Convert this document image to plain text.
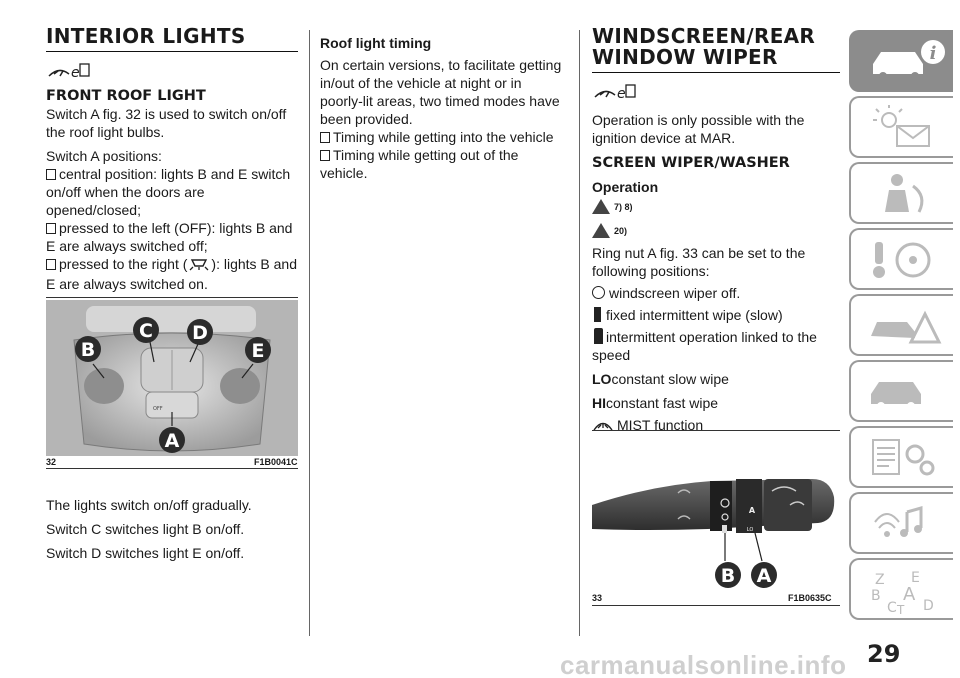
INTERIOR LIGHTS
e
FRONT ROOF LIGHT

Switch A fig. 32 is used to switch on/off the roof light bulbs.

Switch A positions:

central position: lights B and E switch on/off when the doors are opened/closed;
pressed to the left (OFF): lights B and E are always switched off;
pressed to the right ( ): lights B and E are always switched on.
OFF
B
C D
E
A
32	F1B0041C

The lights switch on/off gradually.

Switch C switches light B on/off.

Switch D switches light E on/off.

Roof light timing

On certain versions, to facilitate getting in/out of the vehicle at night or in poorly-lit areas, two timed modes have been provided.

Timing while getting into the vehicle
Timing while getting out of the vehicle.
WINDSCREEN/REAR WINDOW WIPER
e

Operation is only possible with the ignition device at MAR.

SCREEN WIPER/WASHER
Operation
7) 8)
20)

Ring nut A fig. 33 can be set to the following positions:

windscreen wiper off.
fixed intermittent wipe (slow)
intermittent operation linked to the speed
LOconstant slow wipe
HIconstant fast wipe
MIST function
A
LO
B A
33	F1B0635C
i
Z E
B A
C D
T
29
carmanualsonline.info
